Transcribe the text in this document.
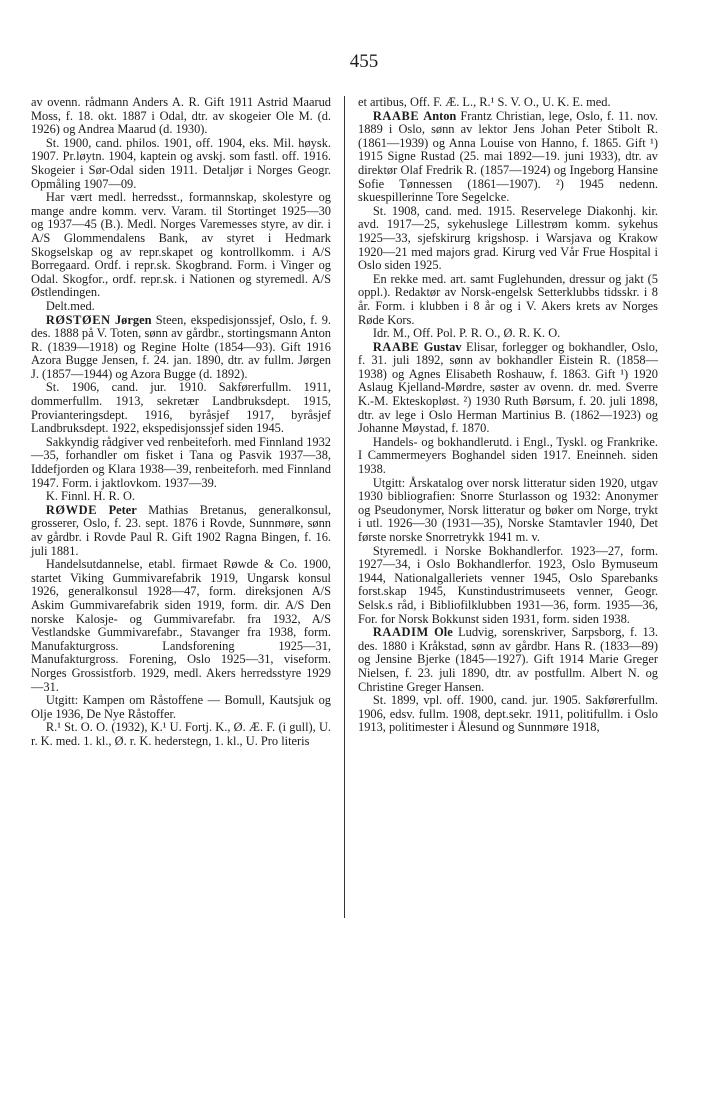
455

av ovenn. rådmann Anders A. R. Gift 1911 Astrid Maarud Moss, f. 18. okt. 1887 i Odal, dtr. av skogeier Ole M. (d. 1926) og Andrea Maarud (d. 1930).

St. 1900, cand. philos. 1901, off. 1904, eks. Mil. høysk. 1907. Pr.løytn. 1904, kaptein og avskj. som fastl. off. 1916. Skogeier i Sør-Odal siden 1911. Detaljør i Norges Geogr. Opmåling 1907—09.

Har vært medl. herredsst., formannskap, skolestyre og mange andre komm. verv. Varam. til Stortinget 1925—30 og 1937—45 (B.). Medl. Norges Varemesses styre, av dir. i A/S Glommendalens Bank, av styret i Hedmark Skogselskap og av repr.skapet og kontrollkomm. i A/S Borregaard. Ordf. i repr.sk. Skogbrand. Form. i Vinger og Odal. Skogfor., ordf. repr.sk. i Nationen og styremedl. A/S Østlendingen.

Delt.med.

RØSTØEN Jørgen Steen, ekspedisjonssjef, Oslo, f. 9. des. 1888 på V. Toten, sønn av gårdbr., stortingsmann Anton R. (1839—1918) og Regine Holte (1854—93). Gift 1916 Azora Bugge Jensen, f. 24. jan. 1890, dtr. av fullm. Jørgen J. (1857—1944) og Azora Bugge (d. 1892).

St. 1906, cand. jur. 1910. Sakførerfullm. 1911, dommerfullm. 1913, sekretær Landbruksdept. 1915, Provianteringsdept. 1916, byråsjef 1917, byråsjef Landbruksdept. 1922, ekspedisjonssjef siden 1945.

Sakkyndig rådgiver ved renbeiteforh. med Finnland 1932—35, forhandler om fisket i Tana og Pasvik 1937—38, Iddefjorden og Klara 1938—39, renbeiteforh. med Finnland 1947. Form. i jaktlovkom. 1937—39.

K. Finnl. H. R. O.

RØWDE Peter Mathias Bretanus, generalkonsul, grosserer, Oslo, f. 23. sept. 1876 i Rovde, Sunnmøre, sønn av gårdbr. i Rovde Paul R. Gift 1902 Ragna Bingen, f. 16. juli 1881.

Handelsutdannelse, etabl. firmaet Røwde & Co. 1900, startet Viking Gummivarefabrik 1919, Ungarsk konsul 1926, generalkonsul 1928—47, form. direksjonen A/S Askim Gummivarefabrik siden 1919, form. dir. A/S Den norske Kalosje- og Gummivarefabr. fra 1932, A/S Vestlandske Gummivarefabr., Stavanger fra 1938, form. Manufakturgross. Landsforening 1925—31, Manufakturgross. Forening, Oslo 1925—31, viseform. Norges Grossistforb. 1929, medl. Akers herredsstyre 1929—31.

Utgitt: Kampen om Råstoffene — Bomull, Kautsjuk og Olje 1936, De Nye Råstoffer.

R.¹ St. O. O. (1932), K.¹ U. Fortj. K., Ø. Æ. F. (i gull), U. r. K. med. 1. kl., Ø. r. K. hederstegn, 1. kl., U. Pro literis

et artibus, Off. F. Æ. L., R.¹ S. V. O., U. K. E. med.

RAABE Anton Frantz Christian, lege, Oslo, f. 11. nov. 1889 i Oslo, sønn av lektor Jens Johan Peter Stibolt R. (1861—1939) og Anna Louise von Hanno, f. 1865. Gift ¹) 1915 Signe Rustad (25. mai 1892—19. juni 1933), dtr. av direktør Olaf Fredrik R. (1857—1924) og Ingeborg Hansine Sofie Tønnessen (1861—1907). ²) 1945 nedenn. skuespillerinne Tore Segelcke.

St. 1908, cand. med. 1915. Reservelege Diakonhj. kir. avd. 1917—25, sykehuslege Lillestrøm komm. sykehus 1925—33, sjefskirurg krigshosp. i Warsjava og Krakow 1920—21 med majors grad. Kirurg ved Vår Frue Hospital i Oslo siden 1925.

En rekke med. art. samt Fuglehunden, dressur og jakt (5 oppl.). Redaktør av Norsk-engelsk Setterklubbs tidsskr. i 8 år. Form. i klubben i 8 år og i V. Akers krets av Norges Røde Kors.

Idr. M., Off. Pol. P. R. O., Ø. R. K. O.

RAABE Gustav Elisar, forlegger og bokhandler, Oslo, f. 31. juli 1892, sønn av bokhandler Eistein R. (1858—1938) og Agnes Elisabeth Roshauw, f. 1863. Gift ¹) 1920 Aslaug Kjelland-Mørdre, søster av ovenn. dr. med. Sverre K.-M. Ekteskopløst. ²) 1930 Ruth Børsum, f. 20. juli 1898, dtr. av lege i Oslo Herman Martinius B. (1862—1923) og Johanne Møystad, f. 1870.

Handels- og bokhandlerutd. i Engl., Tyskl. og Frankrike. I Cammermeyers Boghandel siden 1917. Eneinneh. siden 1938.

Utgitt: Årskatalog over norsk litteratur siden 1920, utgav 1930 bibliografien: Snorre Sturlasson og 1932: Anonymer og Pseudonymer, Norsk litteratur og bøker om Norge, trykt i utl. 1926—30 (1931—35), Norske Stamtavler 1940, Det første norske Snorretrykk 1941 m. v.

Styremedl. i Norske Bokhandlerfor. 1923—27, form. 1927—34, i Oslo Bokhandlerfor. 1923, Oslo Bymuseum 1944, Nationalgalleriets venner 1945, Oslo Sparebanks forst.skap 1945, Kunstindustrimuseets venner, Geogr. Selsk.s råd, i Bibliofilklubben 1931—36, form. 1935—36, For. for Norsk Bokkunst siden 1931, form. siden 1938.

RAADIM Ole Ludvig, sorenskriver, Sarpsborg, f. 13. des. 1880 i Kråkstad, sønn av gårdbr. Hans R. (1833—89) og Jensine Bjerke (1845—1927). Gift 1914 Marie Greger Nielsen, f. 23. juli 1890, dtr. av postfullm. Albert N. og Christine Greger Hansen.

St. 1899, vpl. off. 1900, cand. jur. 1905. Sakførerfullm. 1906, edsv. fullm. 1908, dept.sekr. 1911, politifullm. i Oslo 1913, politimester i Ålesund og Sunnmøre 1918,
